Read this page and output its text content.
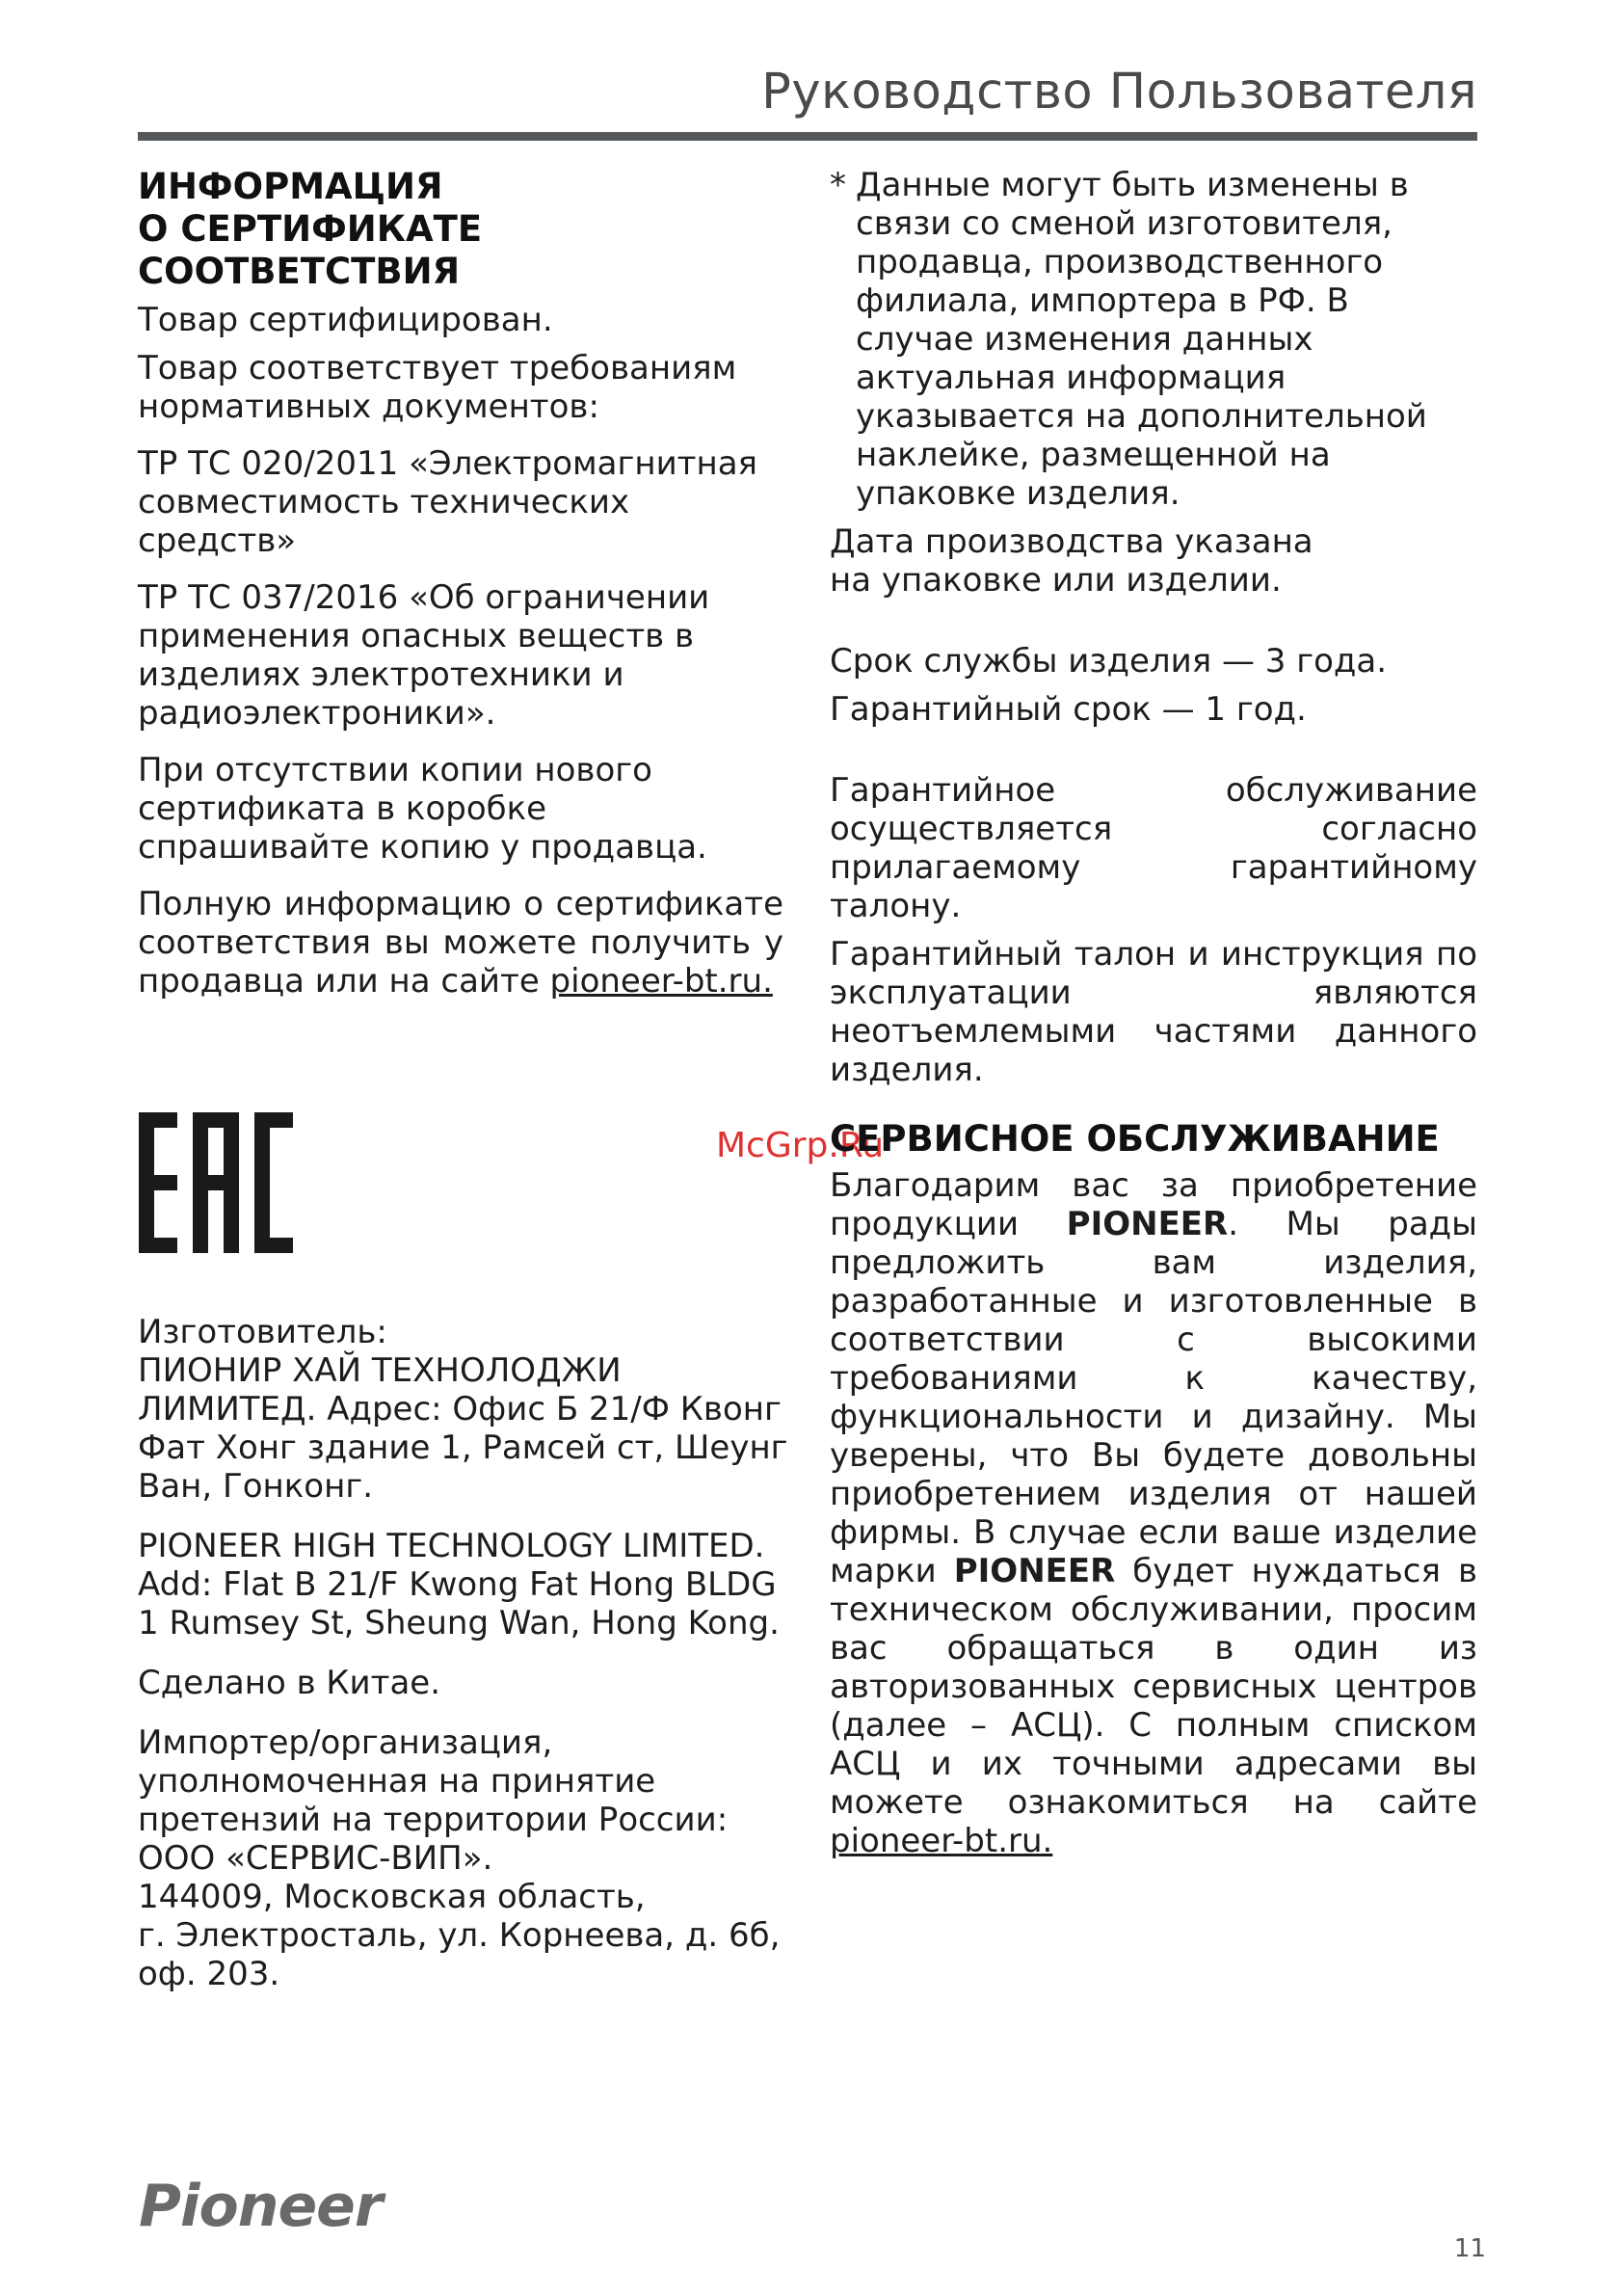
Руководство Пользователя

ИНФОРМАЦИЯ
О СЕРТИФИКАТЕ
СООТВЕТСТВИЯ

Товар сертифицирован.

Товар соответствует требованиям нормативных документов:

ТР ТС 020/2011 «Электромагнитная совместимость технических средств»

ТР ТС 037/2016 «Об ограничении применения опасных веществ в изделиях электротехники и радиоэлектроники».

При отсутствии копии нового сертификата в коробке спрашивайте копию у продавца.

Полную информацию о сертификате соответствия вы можете получить у продавца или на сайте pioneer-bt.ru.

Изготовитель:

ПИОНИР ХАЙ ТЕХНОЛОДЖИ ЛИМИТЕД. Адрес: Офис Б 21/Ф Квонг Фат Хонг здание 1, Рамсей ст, Шеунг Ван, Гонконг.

PIONEER HIGH TECHNOLOGY LIMITED. Add: Flat B 21/F Kwong Fat Hong BLDG 1 Rumsey St, Sheung Wan, Hong Kong.

Сделано в Китае.

Импортер/организация,
уполномоченная на принятие
претензий на территории России:
ООО «СЕРВИС-ВИП».
144009, Московская область,
г. Электросталь, ул. Корнеева, д. 6б,
оф. 203.

* Данные могут быть изменены в связи со сменой изготовителя, продавца, производственного филиала, импортера в РФ. В случае изменения данных актуальная информация указывается на дополнительной наклейке, размещенной на упаковке изделия.

Дата производства указана
на упаковке или изделии.

Срок службы изделия — 3 года.

Гарантийный срок — 1 год.

Гарантийное обслуживание осуществляется согласно прилагаемому гарантийному талону.

Гарантийный талон и инструкция по эксплуатации являются неотъемлемыми частями данного изделия.

McGrp.Ru

СЕРВИСНОЕ ОБСЛУЖИВАНИЕ

Благодарим вас за приобретение продукции PIONEER. Мы рады предложить вам изделия, разработанные и изготовленные в соответствии с высокими требованиями к качеству, функциональности и дизайну. Мы уверены, что Вы будете довольны приобретением изделия от нашей фирмы. В случае если ваше изделие марки PIONEER будет нуждаться в техническом обслуживании, просим вас обращаться в один из авторизованных сервисных центров (далее – АСЦ). С полным списком АСЦ и их точными адресами вы можете ознакомиться на сайте pioneer-bt.ru.

Pioneer
11
